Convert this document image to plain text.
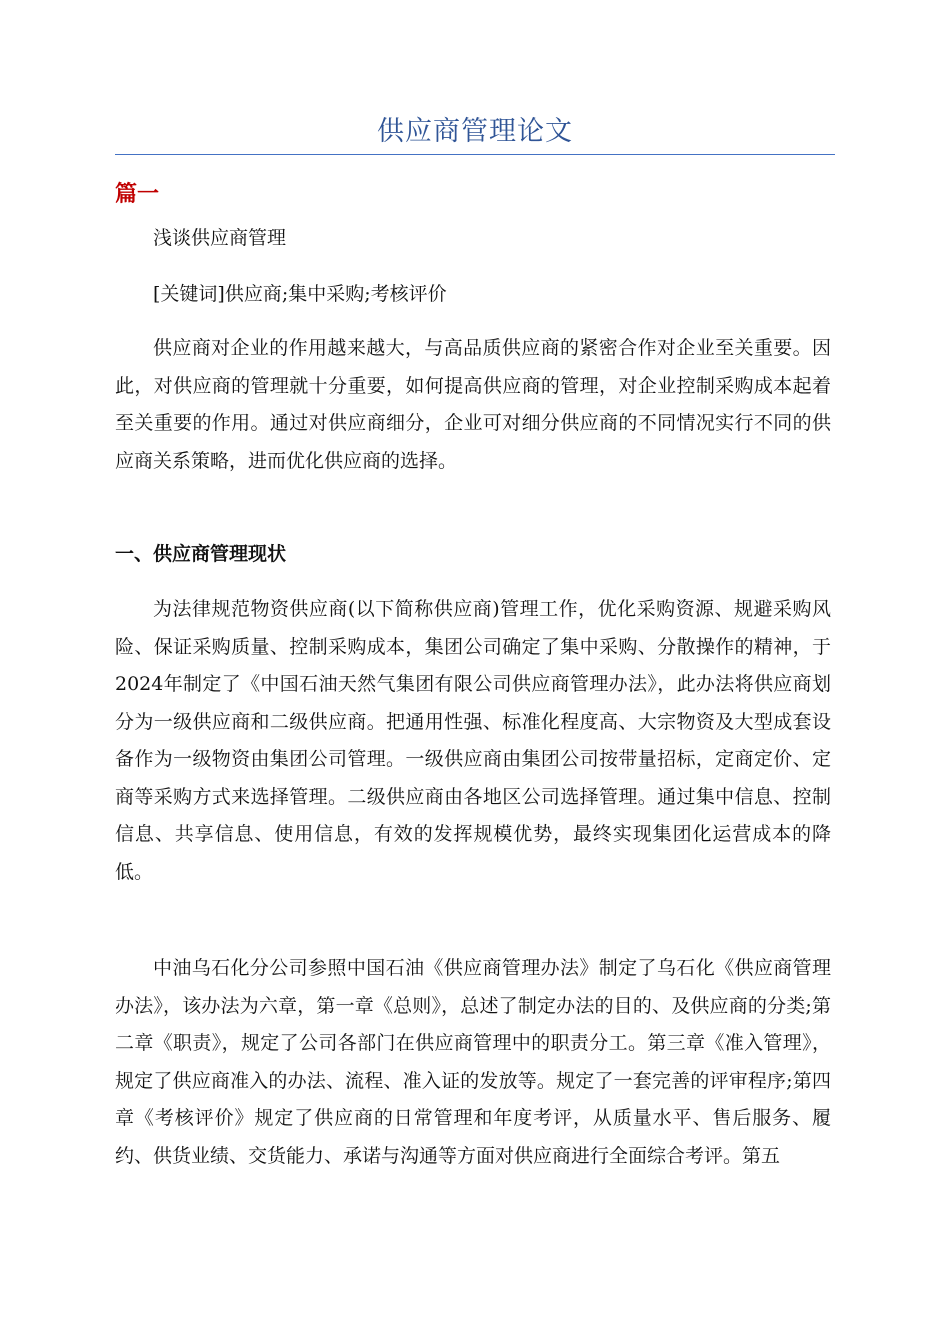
供应商管理论文
篇一

浅谈供应商管理

[关键词]供应商;集中采购;考核评价

供应商对企业的作用越来越大，与高品质供应商的紧密合作对企业至关重要。因此，对供应商的管理就十分重要，如何提高供应商的管理，对企业控制采购成本起着至关重要的作用。通过对供应商细分，企业可对细分供应商的不同情况实行不同的供应商关系策略，进而优化供应商的选择。

一、供应商管理现状

为法律规范物资供应商(以下简称供应商)管理工作，优化采购资源、规避采购风险、保证采购质量、控制采购成本，集团公司确定了集中采购、分散操作的精神，于2024年制定了《中国石油天然气集团有限公司供应商管理办法》，此办法将供应商划分为一级供应商和二级供应商。把通用性强、标准化程度高、大宗物资及大型成套设备作为一级物资由集团公司管理。一级供应商由集团公司按带量招标，定商定价、定商等采购方式来选择管理。二级供应商由各地区公司选择管理。通过集中信息、控制信息、共享信息、使用信息，有效的发挥规模优势，最终实现集团化运营成本的降低。

中油乌石化分公司参照中国石油《供应商管理办法》制定了乌石化《供应商管理办法》，该办法为六章，第一章《总则》，总述了制定办法的目的、及供应商的分类;第二章《职责》，规定了公司各部门在供应商管理中的职责分工。第三章《准入管理》，规定了供应商准入的办法、流程、准入证的发放等。规定了一套完善的评审程序;第四章《考核评价》规定了供应商的日常管理和年度考评，从质量水平、售后服务、履约、供货业绩、交货能力、承诺与沟通等方面对供应商进行全面综合考评。第五
